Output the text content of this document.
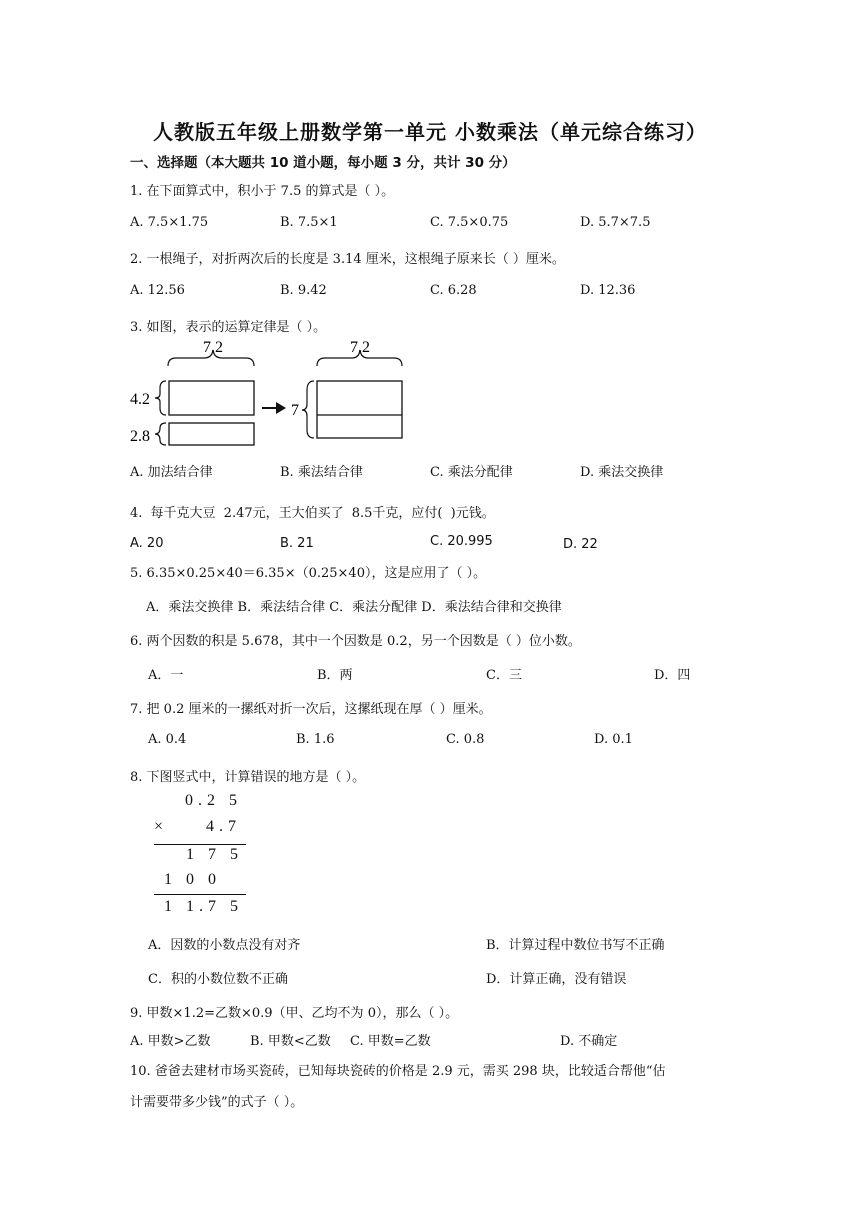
人教版五年级上册数学第一单元 小数乘法（单元综合练习）
一、选择题（本大题共 10 道小题，每小题 3 分，共计 30 分）
1. 在下面算式中，积小于 7.5 的算式是（ ）。
A. 7.5×1.75	B. 7.5×1	C. 7.5×0.75	D. 5.7×7.5
2. 一根绳子，对折两次后的长度是 3.14 厘米，这根绳子原来长（ ）厘米。
A. 12.56	B. 9.42	C. 6.28	D. 12.36
3. 如图，表示的运算定律是（ ）。
7.2
4.2
2.8
7
7.2
A. 加法结合律	B. 乘法结合律	C. 乘法分配律	D. 乘法交换律
4. 每千克大豆 2.47元，王大伯买了 8.5千克，应付( )元钱。
A. 20	B. 21	C. 20.995	D. 22
5. 6.35×0.25×40＝6.35×（0.25×40），这是应用了（ ）。
A．乘法交换律 B．乘法结合律 C．乘法分配律 D．乘法结合律和交换律
6. 两个因数的积是 5.678，其中一个因数是 0.2，另一个因数是（ ）位小数。
A．一	B．两	C．三	D．四
7. 把 0.2 厘米的一摞纸对折一次后，这摞纸现在厚（ ）厘米。
A. 0.4	B. 1.6	C. 0.8	D. 0.1
8. 下图竖式中，计算错误的地方是（ ）。
0.2 5
×	4.7
1 7 5
1 0 0
1 1.7 5
A．因数的小数点没有对齐	B．计算过程中数位书写不正确
C．积的小数位数不正确	D．计算正确，没有错误
9. 甲数×1.2=乙数×0.9（甲、乙均不为 0），那么（ ）。
A. 甲数>乙数	B. 甲数<乙数 C. 甲数=乙数	D. 不确定
10. 爸爸去建材市场买瓷砖，已知每块瓷砖的价格是 2.9 元，需买 298 块，比较适合帮他“估
计需要带多少钱”的式子（ ）。
